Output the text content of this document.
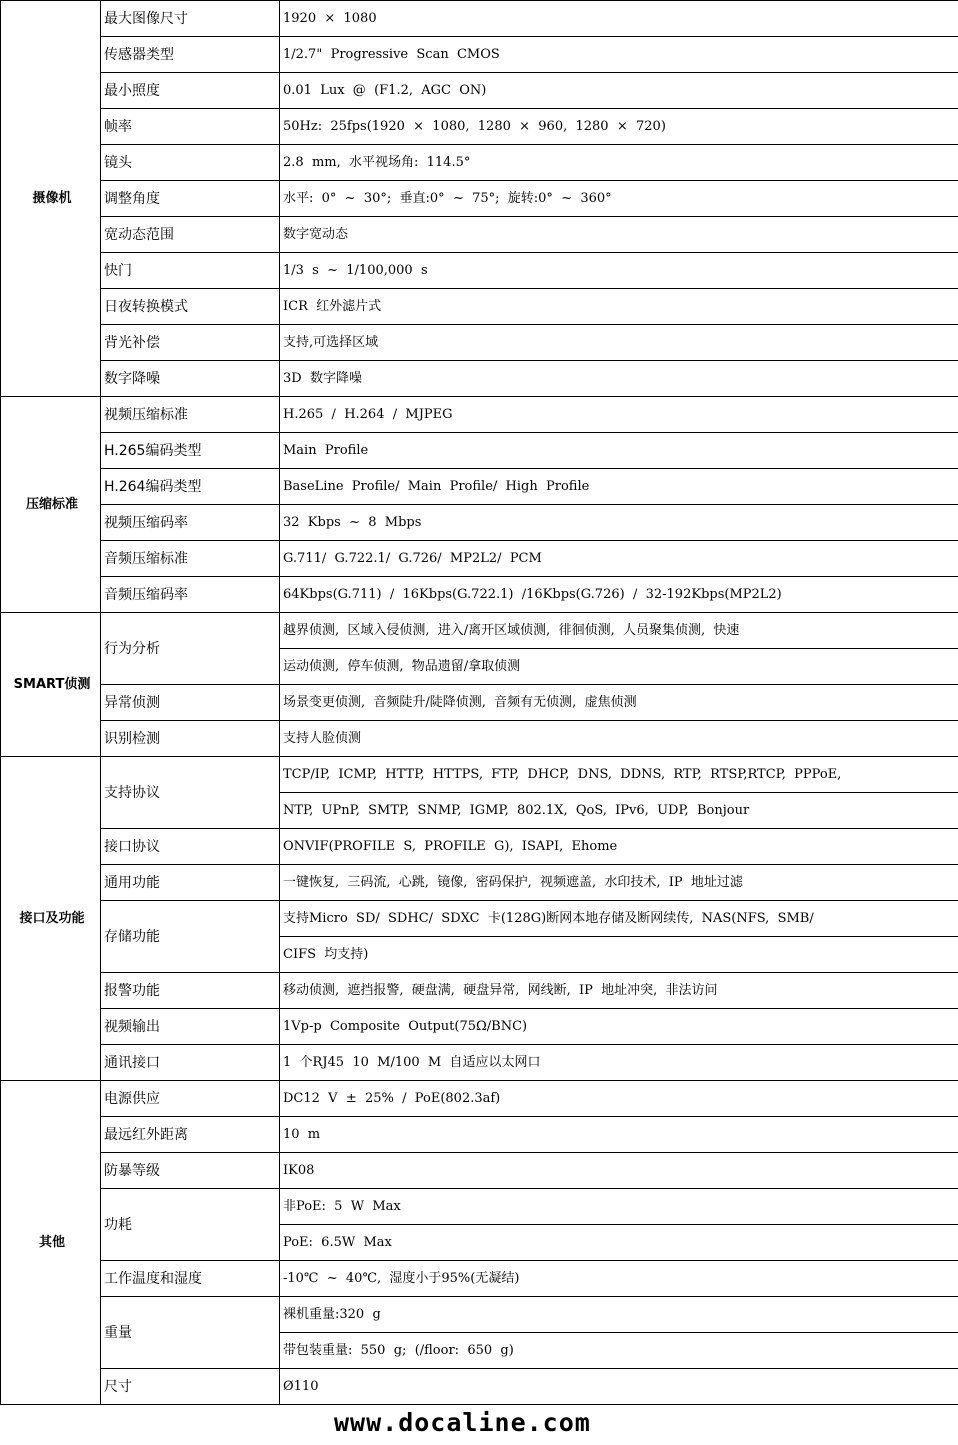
摄像机	最大图像尺寸	1920  ×  1080
	传感器类型	1/2.7"  Progressive  Scan  CMOS
	最小照度	0.01  Lux  @  (F1.2,  AGC  ON)
	帧率	50Hz:  25fps(1920  ×  1080,  1280  ×  960,  1280  ×  720)
	镜头	2.8  mm,  水平视场角:  114.5°
	调整角度	水平:  0°  ~  30°;  垂直:0°  ~  75°;  旋转:0°  ~  360°
	宽动态范围	数字宽动态
	快门	1/3  s  ~  1/100,000  s
	日夜转换模式	ICR  红外滤片式
	背光补偿	支持,可选择区域
	数字降噪	3D  数字降噪
压缩标准	视频压缩标准	H.265  /  H.264  /  MJPEG
	H.265编码类型	Main  Profile
	H.264编码类型	BaseLine  Profile/  Main  Profile/  High  Profile
	视频压缩码率	32  Kbps  ~  8  Mbps
	音频压缩标准	G.711/  G.722.1/  G.726/  MP2L2/  PCM
	音频压缩码率	64Kbps(G.711)  /  16Kbps(G.722.1)  /16Kbps(G.726)  /  32-192Kbps(MP2L2)
SMART侦测	行为分析	越界侦测,  区域入侵侦测,  进入/离开区域侦测,  徘徊侦测,  人员聚集侦测,  快速
		运动侦测,  停车侦测,  物品遗留/拿取侦测
	异常侦测	场景变更侦测,  音频陡升/陡降侦测,  音频有无侦测,  虚焦侦测
	识别检测	支持人脸侦测
接口及功能	支持协议	TCP/IP,  ICMP,  HTTP,  HTTPS,  FTP,  DHCP,  DNS,  DDNS,  RTP,  RTSP,RTCP,  PPPoE,
		NTP,  UPnP,  SMTP,  SNMP,  IGMP,  802.1X,  QoS,  IPv6,  UDP,  Bonjour
	接口协议	ONVIF(PROFILE  S,  PROFILE  G),  ISAPI,  Ehome
	通用功能	一键恢复,  三码流,  心跳,  镜像,  密码保护,  视频遮盖,  水印技术,  IP  地址过滤
	存储功能	支持Micro  SD/  SDHC/  SDXC  卡(128G)断网本地存储及断网续传,  NAS(NFS,  SMB/
		CIFS  均支持)
	报警功能	移动侦测,  遮挡报警,  硬盘满,  硬盘异常,  网线断,  IP  地址冲突,  非法访问
	视频输出	1Vp-p  Composite  Output(75Ω/BNC)
	通讯接口	1  个RJ45  10  M/100  M  自适应以太网口
其他	电源供应	DC12  V  ±  25%  /  PoE(802.3af)
	最远红外距离	10  m
	防暴等级	IK08
	功耗	非PoE:  5  W  Max
		PoE:  6.5W  Max
	工作温度和湿度	-10℃  ~  40℃,  湿度小于95%(无凝结)
	重量	裸机重量:320  g
		带包装重量:  550  g;  (/floor:  650  g)
	尺寸	Ø110
www.docaline.com
